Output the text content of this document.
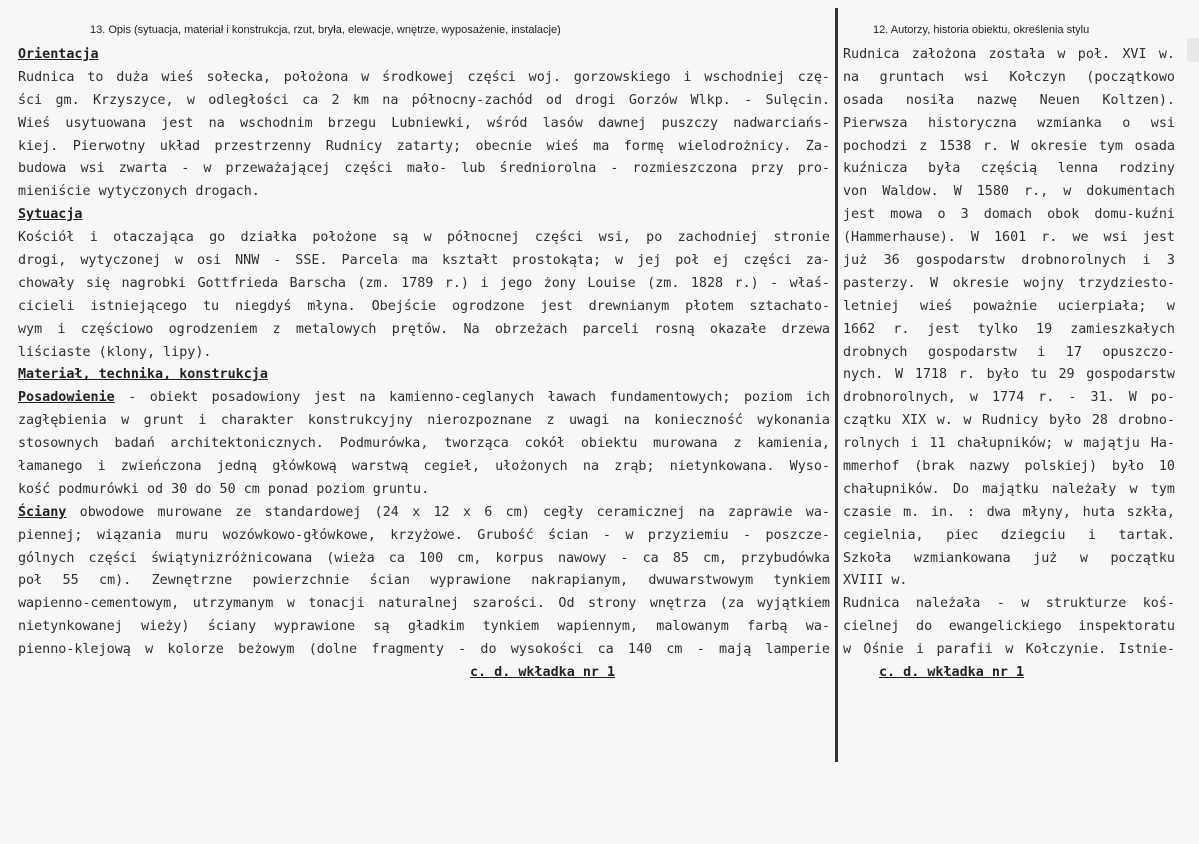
13. Opis (sytuacja, materiał i konstrukcja, rzut, bryła, elewacje, wnętrze, wyposażenie, instalacje)
Orientacja
Rudnica to duża wieś sołecka, położona w środkowej części woj. gorzowskiego i wschodniej czę-
ści gm. Krzyszyce, w odległości ca 2 km na północny-zachód od drogi Gorzów Wlkp. - Sulęcin.
Wieś usytuowana jest na wschodnim brzegu Lubniewki, wśród lasów dawnej puszczy nadwarciańs-
kiej. Pierwotny układ przestrzenny Rudnicy zatarty; obecnie wieś ma formę wielodrożnicy. Za-
budowa wsi zwarta - w przeważającej części mało- lub średniorolna - rozmieszczona przy pro-
mieniście wytyczonych drogach.
Sytuacja
Kościół i otaczająca go działka położone są w północnej części wsi, po zachodniej stronie
drogi, wytyczonej w osi NNW - SSE. Parcela ma kształt prostokąta; w jej poł ej części za-
chowały się nagrobki Gottfrieda Barscha (zm. 1789 r.) i jego żony Louise (zm. 1828 r.) - właś-
cicieli istniejącego tu niegdyś młyna. Obejście ogrodzone jest drewnianym płotem sztachato-
wym i częściowo ogrodzeniem z metalowych prętów. Na obrzeżach parceli rosną okazałe drzewa
liściaste (klony, lipy).
Materiał, technika, konstrukcja
Posadowienie - obiekt posadowiony jest na kamienno-ceglanych ławach fundamentowych; poziom ich
zagłębienia w grunt i charakter konstrukcyjny nierozpoznane z uwagi na konieczność wykonania
stosownych badań architektonicznych. Podmurówka, tworząca cokół obiektu murowana z kamienia,
łamanego i zwieńczona jedną główkową warstwą cegieł, ułożonych na zrąb; nietynkowana. Wyso-
kość podmurówki od 30 do 50 cm ponad poziom gruntu.
Ściany obwodowe murowane ze standardowej (24 x 12 x 6 cm) cegły ceramicznej na zaprawie wa-
piennej; wiązania muru wozówkowo-główkowe, krzyżowe. Grubość ścian - w przyziemiu - poszcze-
gólnych części świątynizróżnicowana (wieża ca 100 cm, korpus nawowy - ca 85 cm, przybudówka
poł 55 cm). Zewnętrzne powierzchnie ścian wyprawione nakrapianym, dwuwarstwowym tynkiem
wapienno-cementowym, utrzymanym w tonacji naturalnej szarości. Od strony wnętrza (za wyjątkiem
nietynkowanej wieży) ściany wyprawione są gładkim tynkiem wapiennym, malowanym farbą wa-
pienno-klejową w kolorze beżowym (dolne fragmenty - do wysokości ca 140 cm - mają lamperie
c. d. wkładka nr 1
12. Autorzy, historia obiektu, określenia stylu
Rudnica założona została w poł. XVI w.
na gruntach wsi Kołczyn (początkowo
osada nosiła nazwę Neuen Koltzen).
Pierwsza historyczna wzmianka o wsi
pochodzi z 1538 r. W okresie tym osada
kuźnicza była częścią lenna rodziny
von Waldow. W 1580 r., w dokumentach
jest mowa o 3 domach obok domu-kuźni
(Hammerhause). W 1601 r. we wsi jest
już 36 gospodarstw drobnorolnych i 3
pasterzy. W okresie wojny trzydziesto-
letniej wieś poważnie ucierpiała; w
1662 r. jest tylko 19 zamieszkałych
drobnych gospodarstw i 17 opuszczo-
nych. W 1718 r. było tu 29 gospodarstw
drobnorolnych, w 1774 r. - 31. W po-
czątku XIX w. w Rudnicy było 28 drobno-
rolnych i 11 chałupników; w majątju Ha-
mmerhof (brak nazwy polskiej) było 10
chałupników. Do majątku należały w tym
czasie m. in. : dwa młyny, huta szkła,
cegielnia, piec dziegciu i tartak.
Szkoła wzmiankowana już w początku
XVIII w.
Rudnica należała - w strukturze koś-
cielnej do ewangelickiego inspektoratu
w Ośnie i parafii w Kołczynie. Istnie-
c. d. wkładka nr 1
